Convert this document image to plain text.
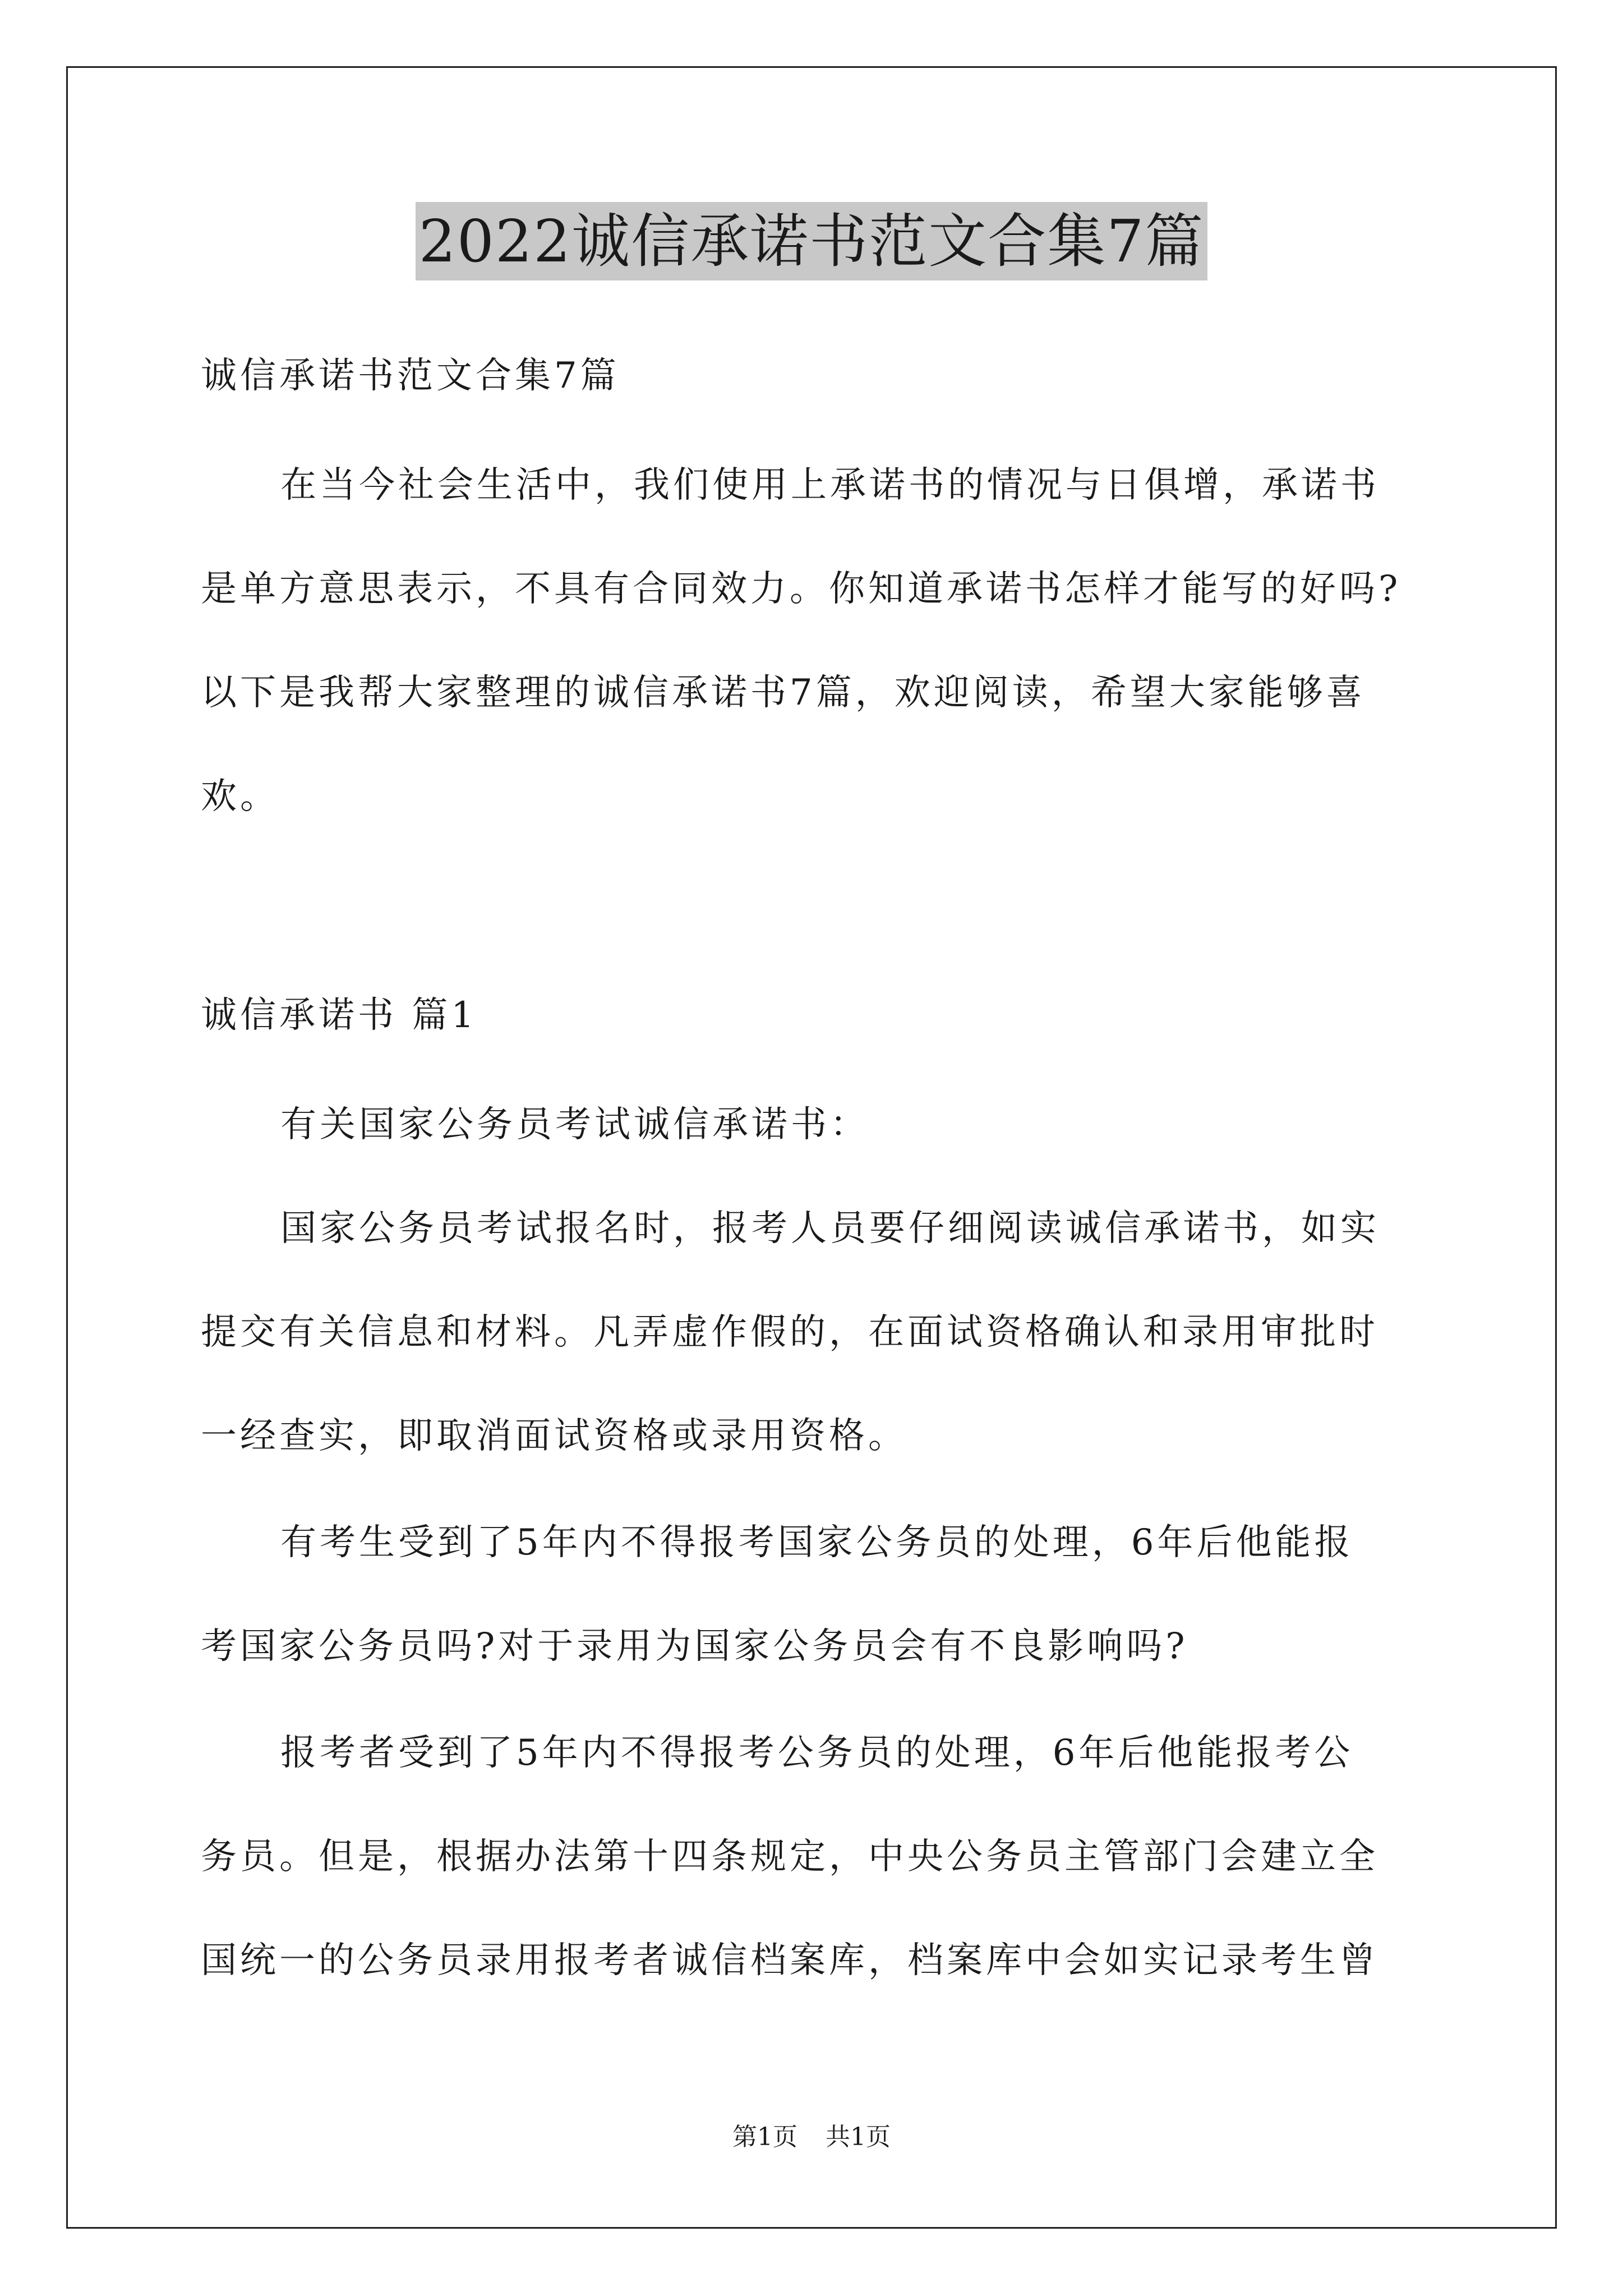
2022诚信承诺书范文合集7篇
诚信承诺书范文合集7篇
在当今社会生活中，我们使用上承诺书的情况与日俱增，承诺书
是单方意思表示，不具有合同效力。你知道承诺书怎样才能写的好吗?
以下是我帮大家整理的诚信承诺书7篇，欢迎阅读，希望大家能够喜
欢。
诚信承诺书 篇1
有关国家公务员考试诚信承诺书：
国家公务员考试报名时，报考人员要仔细阅读诚信承诺书，如实
提交有关信息和材料。凡弄虚作假的，在面试资格确认和录用审批时
一经查实，即取消面试资格或录用资格。
有考生受到了5年内不得报考国家公务员的处理，6年后他能报
考国家公务员吗?对于录用为国家公务员会有不良影响吗?
报考者受到了5年内不得报考公务员的处理，6年后他能报考公
务员。但是，根据办法第十四条规定，中央公务员主管部门会建立全
国统一的公务员录用报考者诚信档案库，档案库中会如实记录考生曾
第1页 共1页
